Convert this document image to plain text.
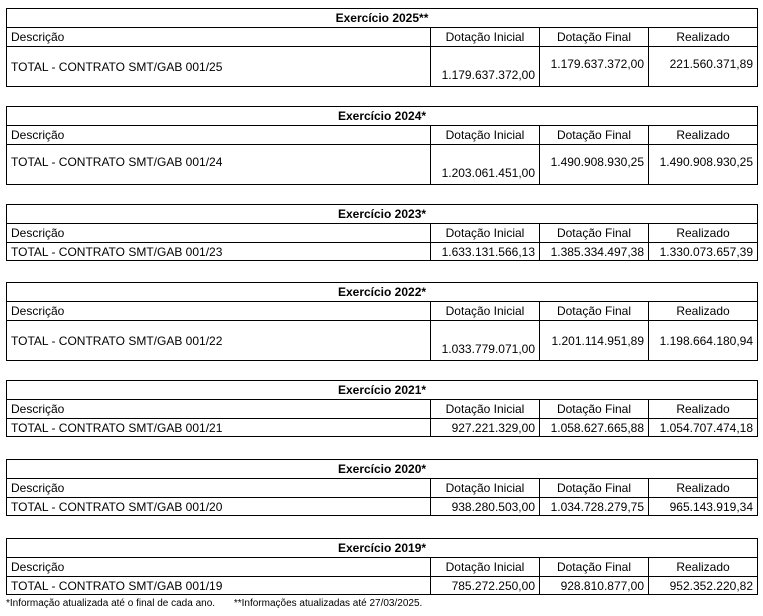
Exercício 2025**			
Descrição	Dotação Inicial	Dotação Final	Realizado
TOTAL - CONTRATO SMT/GAB 001/25	1.179.637.372,00	1.179.637.372,00	221.560.371,89
Exercício 2024*			
Descrição	Dotação Inicial	Dotação Final	Realizado
TOTAL - CONTRATO SMT/GAB 001/24	1.203.061.451,00	1.490.908.930,25	1.490.908.930,25
Exercício 2023*			
Descrição	Dotação Inicial	Dotação Final	Realizado
TOTAL - CONTRATO SMT/GAB 001/23	1.633.131.566,13	1.385.334.497,38	1.330.073.657,39
Exercício 2022*			
Descrição	Dotação Inicial	Dotação Final	Realizado
TOTAL - CONTRATO SMT/GAB 001/22	1.033.779.071,00	1.201.114.951,89	1.198.664.180,94
Exercício 2021*			
Descrição	Dotação Inicial	Dotação Final	Realizado
TOTAL - CONTRATO SMT/GAB 001/21	927.221.329,00	1.058.627.665,88	1.054.707.474,18
Exercício 2020*			
Descrição	Dotação Inicial	Dotação Final	Realizado
TOTAL - CONTRATO SMT/GAB 001/20	938.280.503,00	1.034.728.279,75	965.143.919,34
Exercício 2019*			
Descrição	Dotação Inicial	Dotação Final	Realizado
TOTAL - CONTRATO SMT/GAB 001/19	785.272.250,00	928.810.877,00	952.352.220,82
*Informação atualizada até o final de cada ano. **Informações atualizadas até 27/03/2025.
